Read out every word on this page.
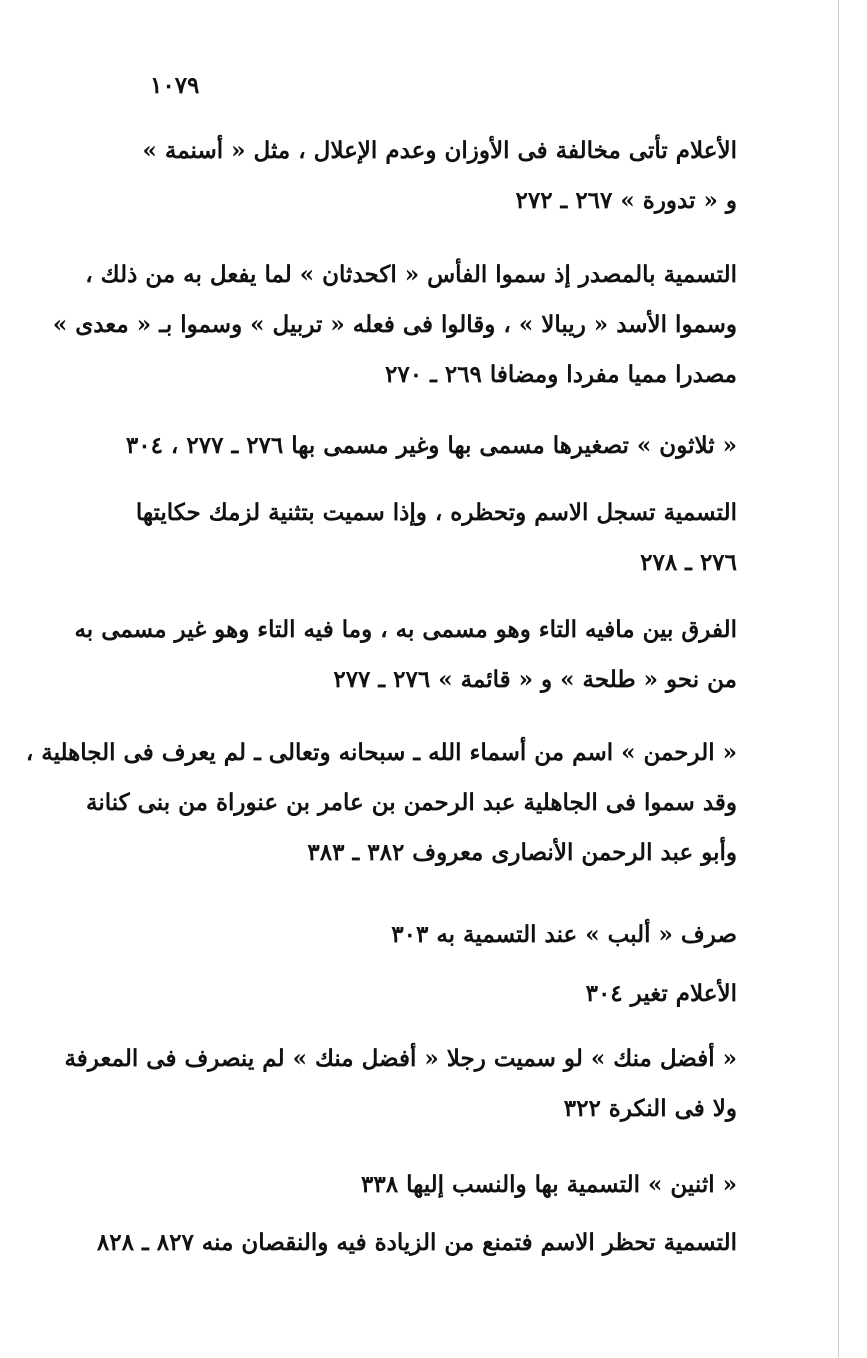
١٠٧٩
الأعلام تأتى مخالفة فى الأوزان وعدم الإعلال ، مثل « أسنمة »
و « تدورة » ٢٦٧ ـ ٢٧٢
التسمية بالمصدر إذ سموا الفأس « اكحدثان » لما يفعل به من ذلك ،
وسموا الأسد « ريبالا » ، وقالوا فى فعله « تربيل » وسموا بـ « معدى »
مصدرا مميا مفردا ومضافا ٢٦٩ ـ ٢٧٠
« ثلاثون » تصغيرها مسمى بها وغير مسمى بها ٢٧٦ ـ ٢٧٧ ، ٣٠٤
التسمية تسجل الاسم وتحظره ، وإذا سميت بتثنية لزمك حكايتها
٢٧٦ ـ ٢٧٨
الفرق بين مافيه التاء وهو مسمى به ، وما فيه التاء وهو غير مسمى به
من نحو « طلحة » و « قائمة » ٢٧٦ ـ ٢٧٧
« الرحمن » اسم من أسماء الله ـ سبحانه وتعالى ـ لم يعرف فى الجاهلية ،
وقد سموا فى الجاهلية عبد الرحمن بن عامر بن عنوراة من بنى كنانة
وأبو عبد الرحمن الأنصارى معروف ٣٨٢ ـ ٣٨٣
صرف « ألبب » عند التسمية به ٣٠٣
الأعلام تغير ٣٠٤
« أفضل منك » لو سميت رجلا « أفضل منك » لم ينصرف فى المعرفة
ولا فى النكرة ٣٢٢
« اثنين » التسمية بها والنسب إليها ٣٣٨
التسمية تحظر الاسم فتمنع من الزيادة فيه والنقصان منه ٨٢٧ ـ ٨٢٨
